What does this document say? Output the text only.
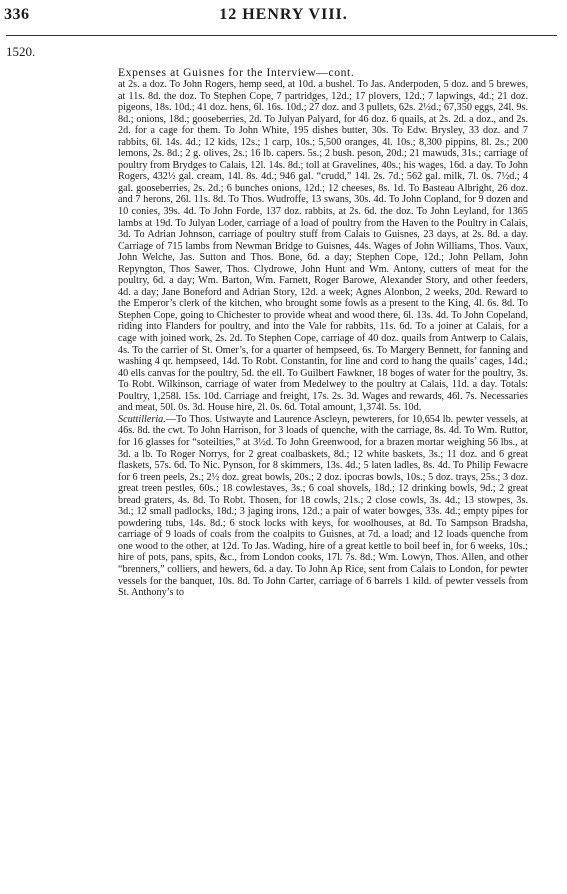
336	12 HENRY VIII.
1520.
Expenses at Guisnes for the Interview—cont.

at 2s. a doz. To John Rogers, hemp seed, at 10d. a bushel. To Jas. Anderpoden, 5 doz. and 5 brewes, at 11s. 8d. the doz. To Stephen Cope, 7 partridges, 12d.; 17 plovers, 12d.; 7 lapwings, 4d.; 21 doz. pigeons, 18s. 10d.; 41 doz. hens, 6l. 16s. 10d.; 27 doz. and 3 pullets, 62s. 2½d.; 67,350 eggs, 24l. 9s. 8d.; onions, 18d.; gooseberries, 2d. To Julyan Palyard, for 46 doz. 6 quails, at 2s. 2d. a doz., and 2s. 2d. for a cage for them. To John White, 195 dishes butter, 30s. To Edw. Brysley, 33 doz. and 7 rabbits, 6l. 14s. 4d.; 12 kids, 12s.; 1 carp, 10s.; 5,500 oranges, 4l. 10s.; 8,300 pippins, 8l. 2s.; 200 lemons, 2s. 8d.; 2 g. olives, 2s.; 16 lb. capers. 5s.; 2 bush. peson, 20d.; 21 mawuds, 31s.; carriage of poultry from Brydges to Calais, 12l. 14s. 8d.; toll at Gravelines, 40s.; his wages, 16d. a day. To John Rogers, 432½ gal. cream, 14l. 8s. 4d.; 946 gal. “crudd,” 14l. 2s. 7d.; 562 gal. milk, 7l. 0s. 7½d.; 4 gal. gooseberries, 2s. 2d.; 6 bunches onions, 12d.; 12 cheeses, 8s. 1d. To Basteau Albright, 26 doz. and 7 herons, 26l. 11s. 8d. To Thos. Wudroffe, 13 swans, 30s. 4d. To John Copland, for 9 dozen and 10 conies, 39s. 4d. To John Forde, 137 doz. rabbits, at 2s. 6d. the doz. To John Leyland, for 1365 lambs at 19d. To Julyan Loder, carriage of a load of poultry from the Haven to the Poultry in Calais, 3d. To Adrian Johnson, carriage of poultry stuff from Calais to Guisnes, 23 days, at 2s. 8d. a day. Carriage of 715 lambs from Newman Bridge to Guisnes, 44s. Wages of John Williams, Thos. Vaux, John Welche, Jas. Sutton and Thos. Bone, 6d. a day; Stephen Cope, 12d.; John Pellam, John Repyngton, Thos Sawer, Thos. Clydrowe, John Hunt and Wm. Antony, cutters of meat for the poultry, 6d. a day; Wm. Barton, Wm. Farnett, Roger Barowe, Alexander Story, and other feeders, 4d. a day; Jane Boneford and Adrian Story, 12d. a week; Agnes Alonbon, 2 weeks, 20d. Reward to the Emperor’s clerk of the kitchen, who brought some fowls as a present to the King, 4l. 6s. 8d. To Stephen Cope, going to Chichester to provide wheat and wood there, 6l. 13s. 4d. To John Copeland, riding into Flanders for poultry, and into the Vale for rabbits, 11s. 6d. To a joiner at Calais, for a cage with joined work, 2s. 2d. To Stephen Cope, carriage of 40 doz. quails from Antwerp to Calais, 4s. To the carrier of St. Omer’s, for a quarter of hempseed, 6s. To Margery Bennett, for fanning and washing 4 qr. hempseed, 14d. To Robt. Constantin, for line and cord to hang the quails’ cages, 14d.; 40 ells canvas for the poultry, 5d. the ell. To Guilbert Fawkner, 18 boges of water for the poultry, 3s. To Robt. Wilkinson, carriage of water from Medelwey to the poultry at Calais, 11d. a day. Totals: Poultry, 1,258l. 15s. 10d. Carriage and freight, 17s. 2s. 3d. Wages and rewards, 46l. 7s. Necessaries and meat, 50l. 0s. 3d. House hire, 2l. 0s. 6d. Total amount, 1,374l. 5s. 10d.

Scuttilleria.—To Thos. Ustwayte and Laurence Ascleyn, pewterers, for 10,654 lb. pewter vessels, at 46s. 8d. the cwt. To John Harrison, for 3 loads of quenche, with the carriage, 8s. 4d. To Wm. Ruttor, for 16 glasses for “soteilties,” at 3½d. To John Greenwood, for a brazen mortar weighing 56 lbs., at 3d. a lb. To Roger Norrys, for 2 great coalbaskets, 8d.; 12 white baskets, 3s.; 11 doz. and 6 great flaskets, 57s. 6d. To Nic. Pynson, for 8 skimmers, 13s. 4d.; 5 laten ladles, 8s. 4d. To Philip Fewacre for 6 treen peels, 2s.; 2½ doz. great bowls, 20s.; 2 doz. ipocras bowls, 10s.; 5 doz. trays, 25s.; 3 doz. great treen pestles, 60s.; 18 cowlestaves, 3s.; 6 coal shovels, 18d.; 12 drinking bowls, 9d.; 2 great bread graters, 4s. 8d. To Robt. Thosen, for 18 cowls, 21s.; 2 close cowls, 3s. 4d.; 13 stowpes, 3s. 3d.; 12 small padlocks, 18d.; 3 jaging irons, 12d.; a pair of water bowges, 33s. 4d.; empty pipes for powdering tubs, 14s. 8d.; 6 stock locks with keys, for woolhouses, at 8d. To Sampson Bradsha, carriage of 9 loads of coals from the coalpits to Guisnes, at 7d. a load; and 12 loads quenche from one wood to the other, at 12d. To Jas. Wading, hire of a great kettle to boil beef in, for 6 weeks, 10s.; hire of pots, pans, spits, &c., from London cooks, 17l. 7s. 8d.; Wm. Lowyn, Thos. Allen, and other “brenners,” colliers, and hewers, 6d. a day. To John Ap Rice, sent from Calais to London, for pewter vessels for the banquet, 10s. 8d. To John Carter, carriage of 6 barrels 1 kild. of pewter vessels from St. Anthony’s to
